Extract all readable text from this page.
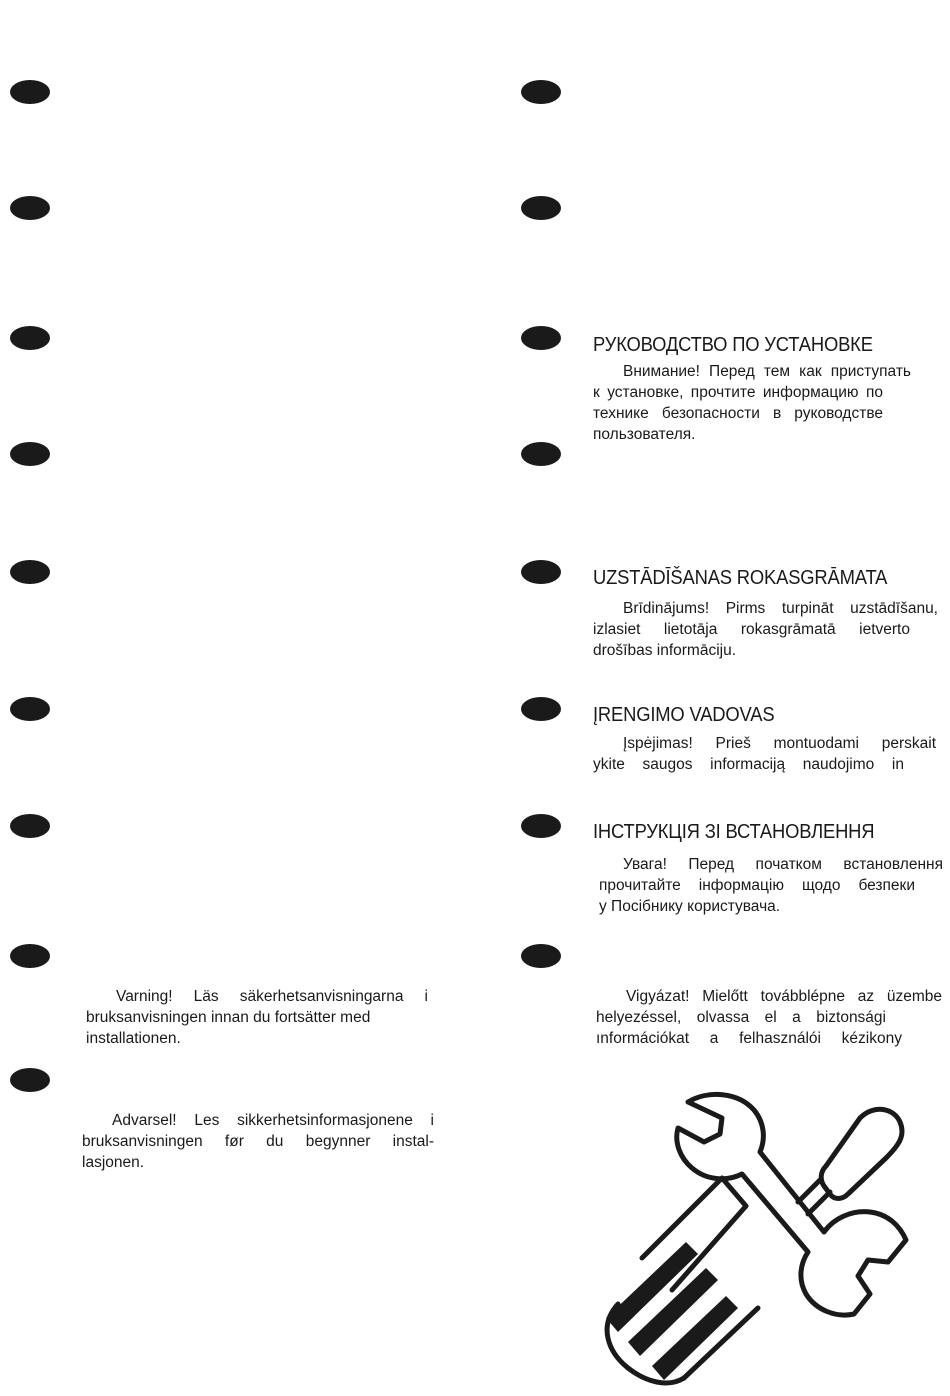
Varning! Läs säkerhetsanvisningarna i
bruksanvisningen innan du fortsätter med
installationen.
Advarsel! Les sikkerhetsinformasjonene i
bruksanvisningen før du begynner instal-
lasjonen.
РУКОВОДСТВО ПО УСТАНОВКЕ
Внимание! Перед тем как приступать
к установке, прочтите информацию по
технике безопасности в руководстве
пользователя.
UZSTĀDĪŠANAS ROKASGRĀMATA
Brīdinājums! Pirms turpināt uzstādīšanu,
izlasiet lietotāja rokasgrāmatā ietverto
drošības informāciju.
ĮRENGIMO VADOVAS
Įspėjimas! Prieš montuodami perskait
ykite saugos informaciją naudojimo in
ІНСТРУКЦІЯ ЗІ ВСТАНОВЛЕННЯ
Увага! Перед початком встановлення
прочитайте інформацію щодо безпеки
у Посібнику користувача.
Vigyázat! Mielőtt továbblépne az üzembe
helyezéssel, olvassa el a biztonsági
ınformációkat a felhasználói kézikony
